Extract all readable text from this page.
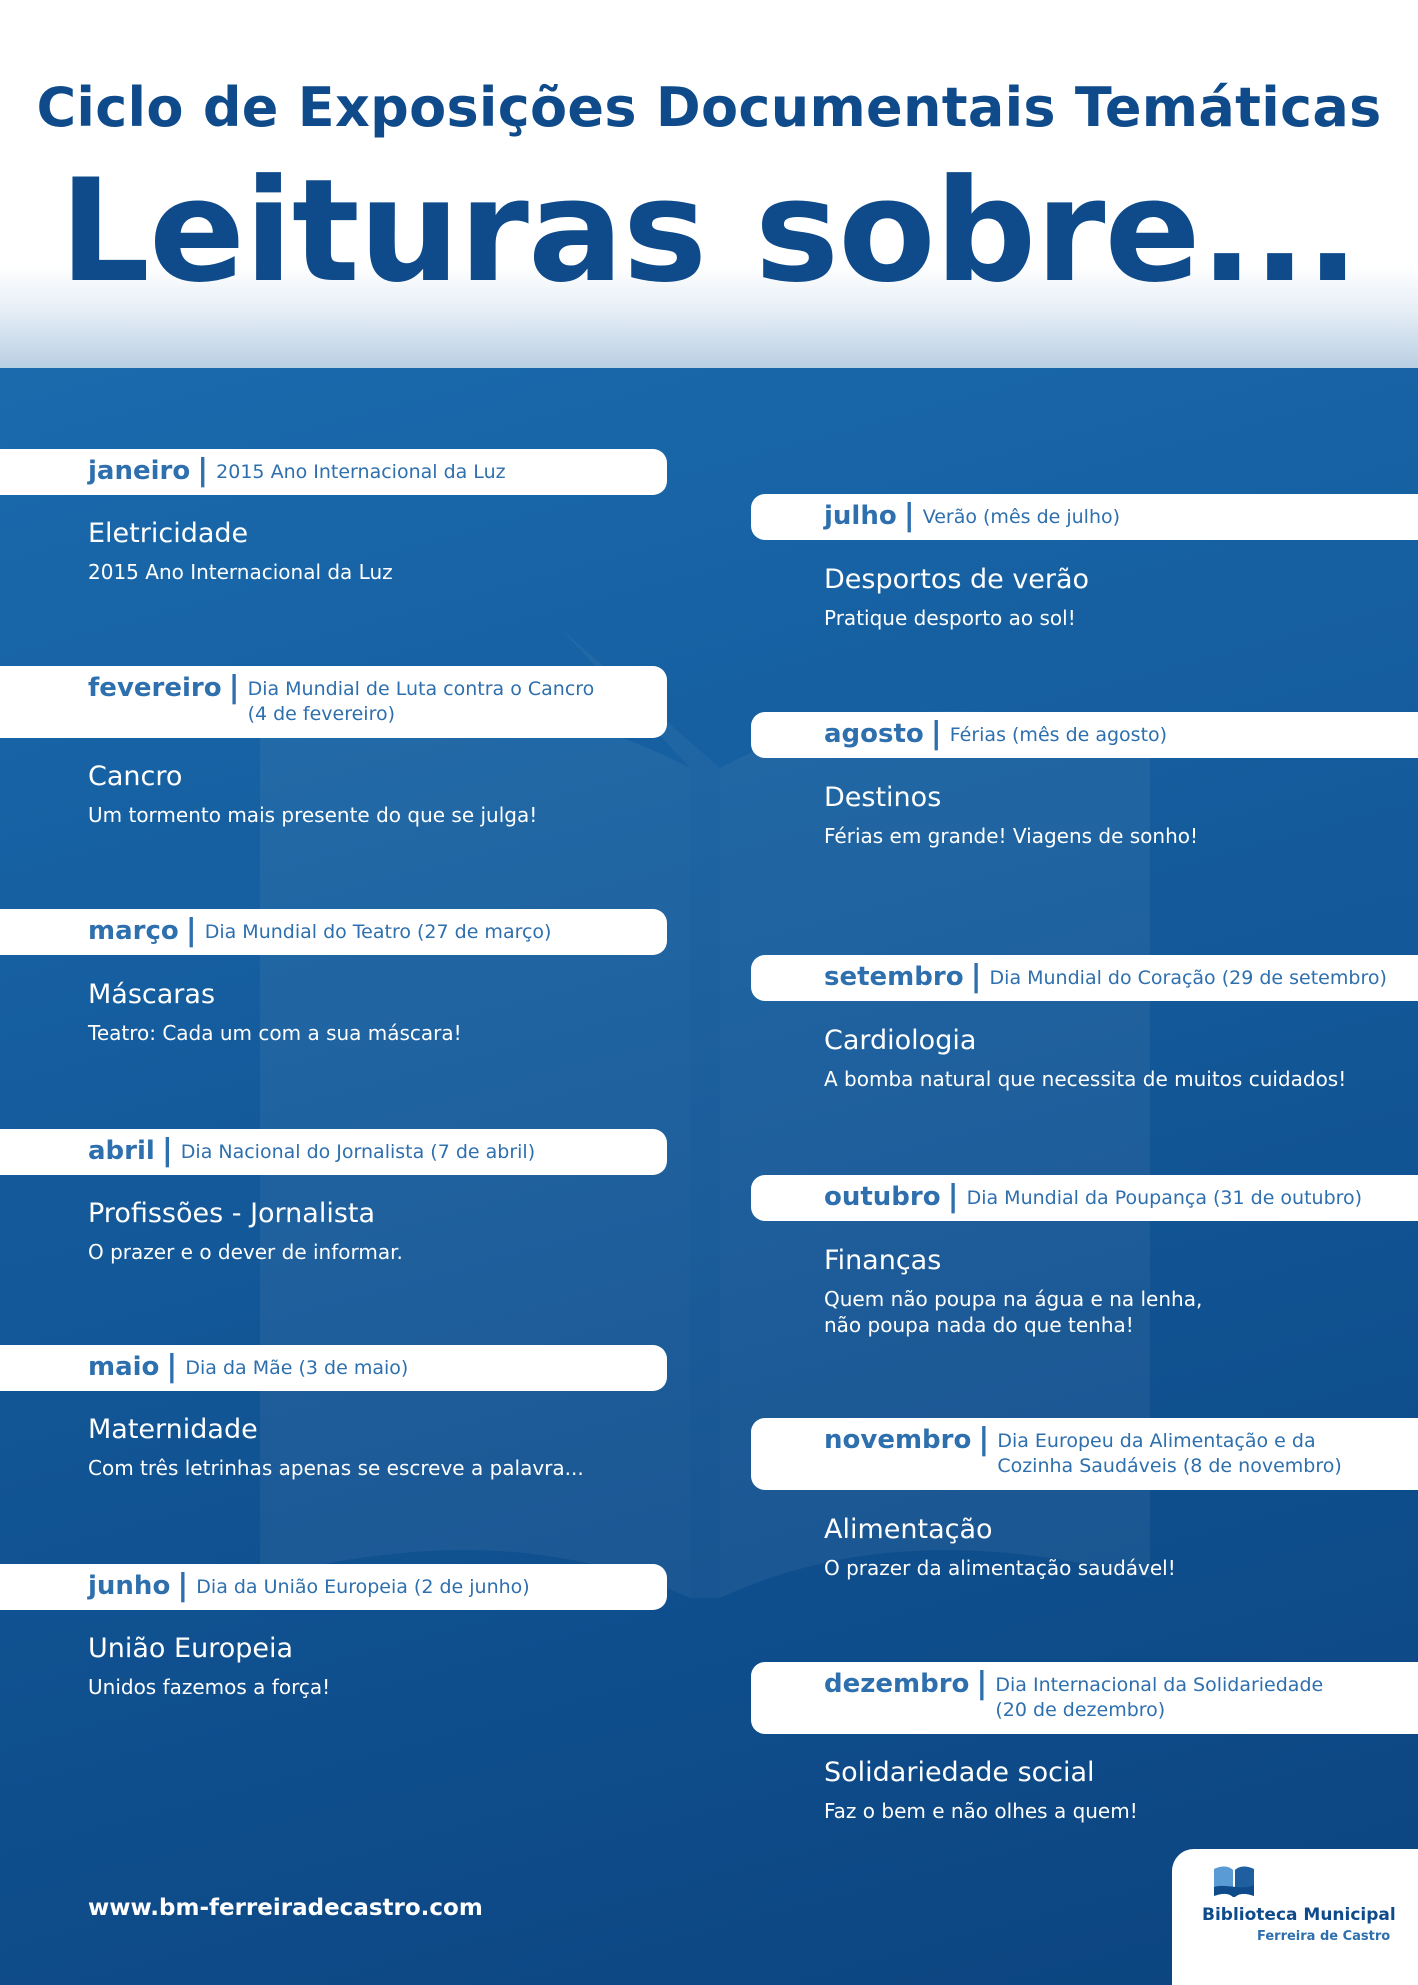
Ciclo de Exposições Documentais Temáticas
Leituras sobre...
janeiro | 2015 Ano Internacional da Luz
Eletricidade
2015 Ano Internacional da Luz
fevereiro | Dia Mundial de Luta contra o Cancro
(4 de fevereiro)
Cancro
Um tormento mais presente do que se julga!
março | Dia Mundial do Teatro (27 de março)
Máscaras
Teatro: Cada um com a sua máscara!
abril | Dia Nacional do Jornalista (7 de abril)
Profissões - Jornalista
O prazer e o dever de informar.
maio | Dia da Mãe (3 de maio)
Maternidade
Com três letrinhas apenas se escreve a palavra...
junho | Dia da União Europeia (2 de junho)
União Europeia
Unidos fazemos a força!
julho | Verão (mês de julho)
Desportos de verão
Pratique desporto ao sol!
agosto | Férias (mês de agosto)
Destinos
Férias em grande! Viagens de sonho!
setembro | Dia Mundial do Coração (29 de setembro)
Cardiologia
A bomba natural que necessita de muitos cuidados!
outubro | Dia Mundial da Poupança (31 de outubro)
Finanças
Quem não poupa na água e na lenha,
não poupa nada do que tenha!
novembro | Dia Europeu da Alimentação e da
Cozinha Saudáveis (8 de novembro)
Alimentação
O prazer da alimentação saudável!
dezembro | Dia Internacional da Solidariedade
(20 de dezembro)
Solidariedade social
Faz o bem e não olhes a quem!
www.bm-ferreiradecastro.com	Biblioteca Municipal
Ferreira de Castro
